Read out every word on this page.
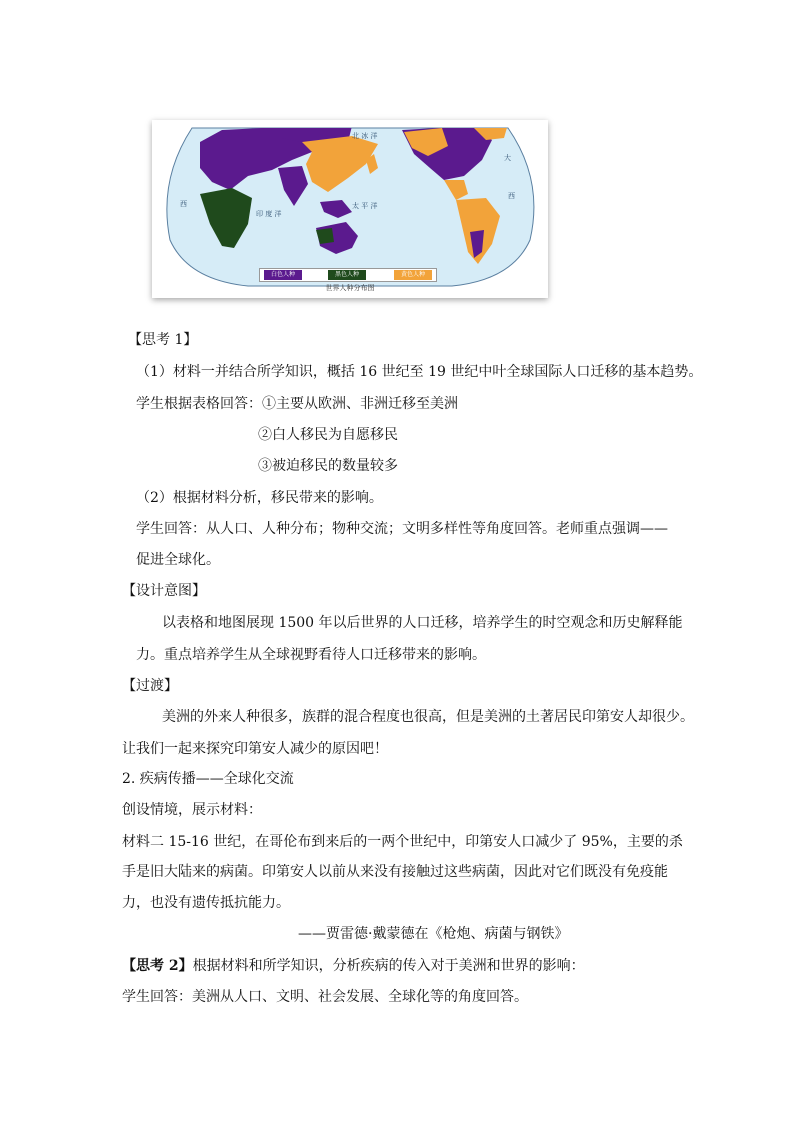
北 冰 洋
太 平 洋
印 度 洋
西
西
大
白色人种	黑色人种	黄色人种
世界人种分布图
【思考 1】
（1）材料一并结合所学知识，概括 16 世纪至 19 世纪中叶全球国际人口迁移的基本趋势。
学生根据表格回答：①主要从欧洲、非洲迁移至美洲
②白人移民为自愿移民
③被迫移民的数量较多
（2）根据材料分析，移民带来的影响。
学生回答：从人口、人种分布；物种交流；文明多样性等角度回答。老师重点强调——
促进全球化。
【设计意图】
以表格和地图展现 1500 年以后世界的人口迁移，培养学生的时空观念和历史解释能
力。重点培养学生从全球视野看待人口迁移带来的影响。
【过渡】
美洲的外来人种很多，族群的混合程度也很高，但是美洲的土著居民印第安人却很少。
让我们一起来探究印第安人减少的原因吧！
2. 疾病传播——全球化交流
创设情境，展示材料：
材料二 15-16 世纪，在哥伦布到来后的一两个世纪中，印第安人口减少了 95%，主要的杀
手是旧大陆来的病菌。印第安人以前从来没有接触过这些病菌，因此对它们既没有免疫能
力，也没有遗传抵抗能力。
——贾雷德·戴蒙德在《枪炮、病菌与钢铁》
【思考 2】根据材料和所学知识，分析疾病的传入对于美洲和世界的影响：
学生回答：美洲从人口、文明、社会发展、全球化等的角度回答。
